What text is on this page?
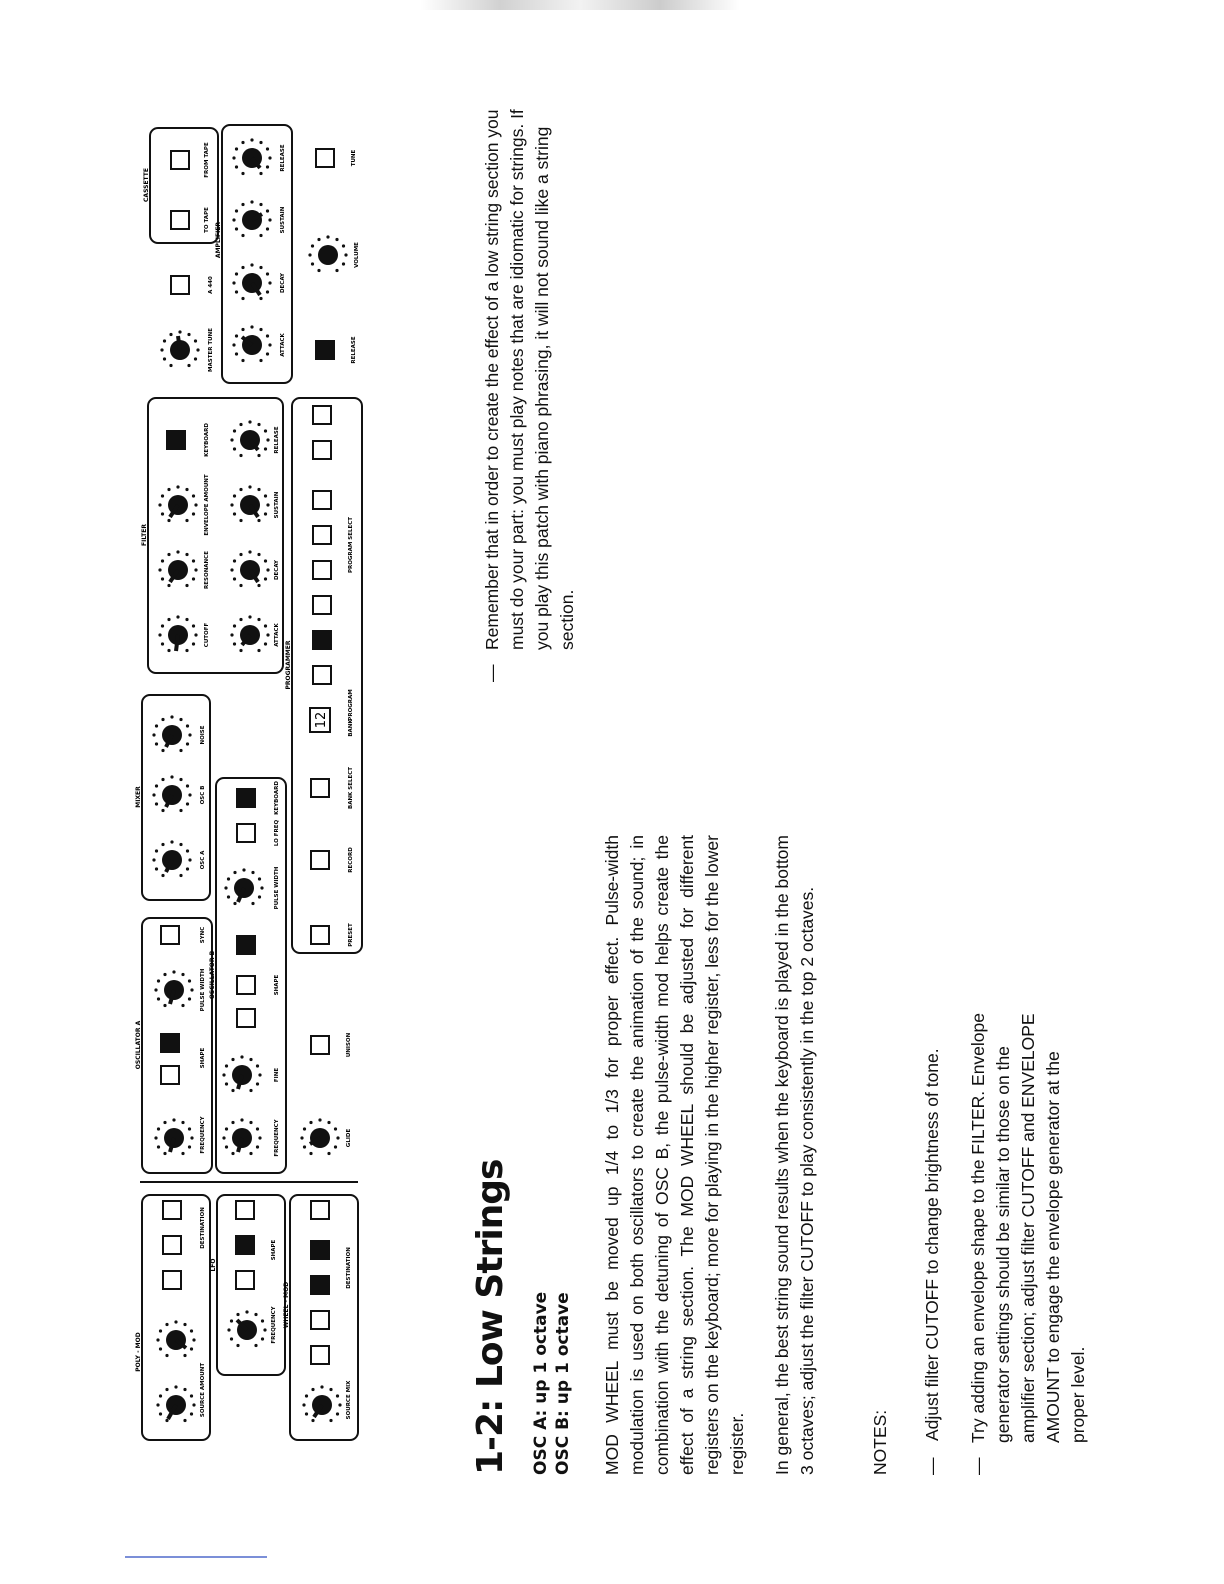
POLY - MOD
SOURCE AMOUNT
DESTINATION
LFO
FREQUENCY
SHAPE
WHEEL - MOD
SOURCE MIX
DESTINATION
OSCILLATOR A
FREQUENCY
SHAPE
PULSE WIDTH
SYNC
OSCILLATOR B
FREQUENCY
FINE
SHAPE
PULSE WIDTH
LO FREQ
KEYBOARD
GLIDE
UNISON
MIXER
OSC A
OSC B
NOISE
12
PROGRAMMER
PRESET
RECORD
BANK SELECT
BANK
PROGRAM
PROGRAM SELECT
FILTER
CUTOFF
RESONANCE
ENVELOPE AMOUNT
KEYBOARD
ATTACK
DECAY
SUSTAIN
RELEASE
MASTER TUNE
A 440
CASSETTE
TO TAPE
FROM TAPE
AMPLIFIER
ATTACK
DECAY
SUSTAIN
RELEASE
RELEASE
VOLUME
TUNE
1-2: Low Strings OSC A: up 1 octave OSC B: up 1 octave MOD WHEEL must be moved up 1/4 to 1/3 for proper effect. Pulse-width modulation is used on both oscillators to create the animation of the sound; in combination with the detuning of OSC B, the pulse-width mod helps create the effect of a string section. The MOD WHEEL should be adjusted for different registers on the keyboard; more for playing in the higher register, less for the lower register. In general, the best string sound results when the keyboard is played in the bottom 3 octaves; adjust the filter CUTOFF to play consistently in the top 2 octaves.	NOTES: —Adjust filter CUTOFF to change brightness of tone.
—

Try adding an envelope shape to the FILTER. Envelope generator settings should be similar to those on the amplifier section; adjust filter CUTOFF and ENVELOPE AMOUNT to engage the envelope generator at the proper level.

—

Remember that in order to create the effect of a low string section you must do your part: you must play notes that are idiomatic for strings. If you play this patch with piano phrasing, it will not sound like a string section.
